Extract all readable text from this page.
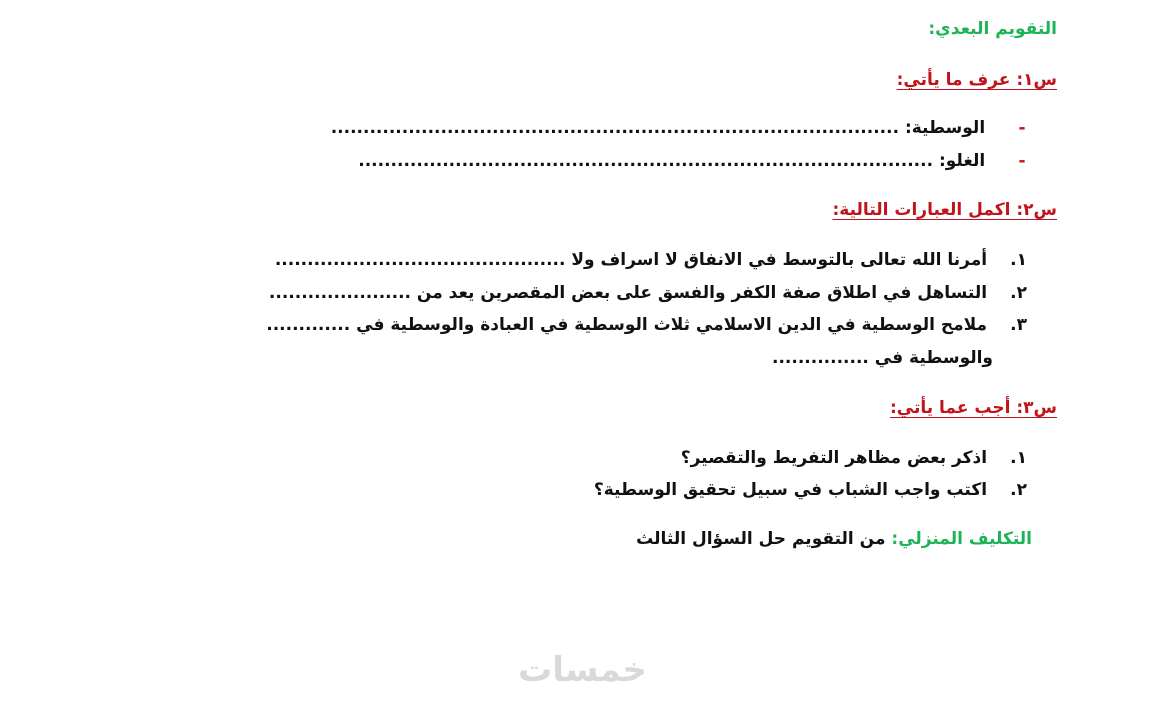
التقويم البعدي:
س١: عرف ما يأتي:
-  الوسطية: ........................................................................................
-  الغلو: .........................................................................................
س٢: اكمل العبارات التالية:
١. أمرنا الله تعالى بالتوسط في الانفاق لا اسراف ولا .............................................
٢. التساهل في اطلاق صفة الكفر والفسق على بعض المقصرين يعد من ......................
٣. ملامح الوسطية في الدين الاسلامي ثلاث الوسطية في العبادة والوسطية في .............
والوسطية في ...............
س٣: أجب عما يأتي:
١. اذكر بعض مظاهر التفريط والتقصير؟
٢. اكتب واجب الشباب في سبيل تحقيق الوسطية؟
التكليف المنزلي: من التقويم حل السؤال الثالث
خمسات
